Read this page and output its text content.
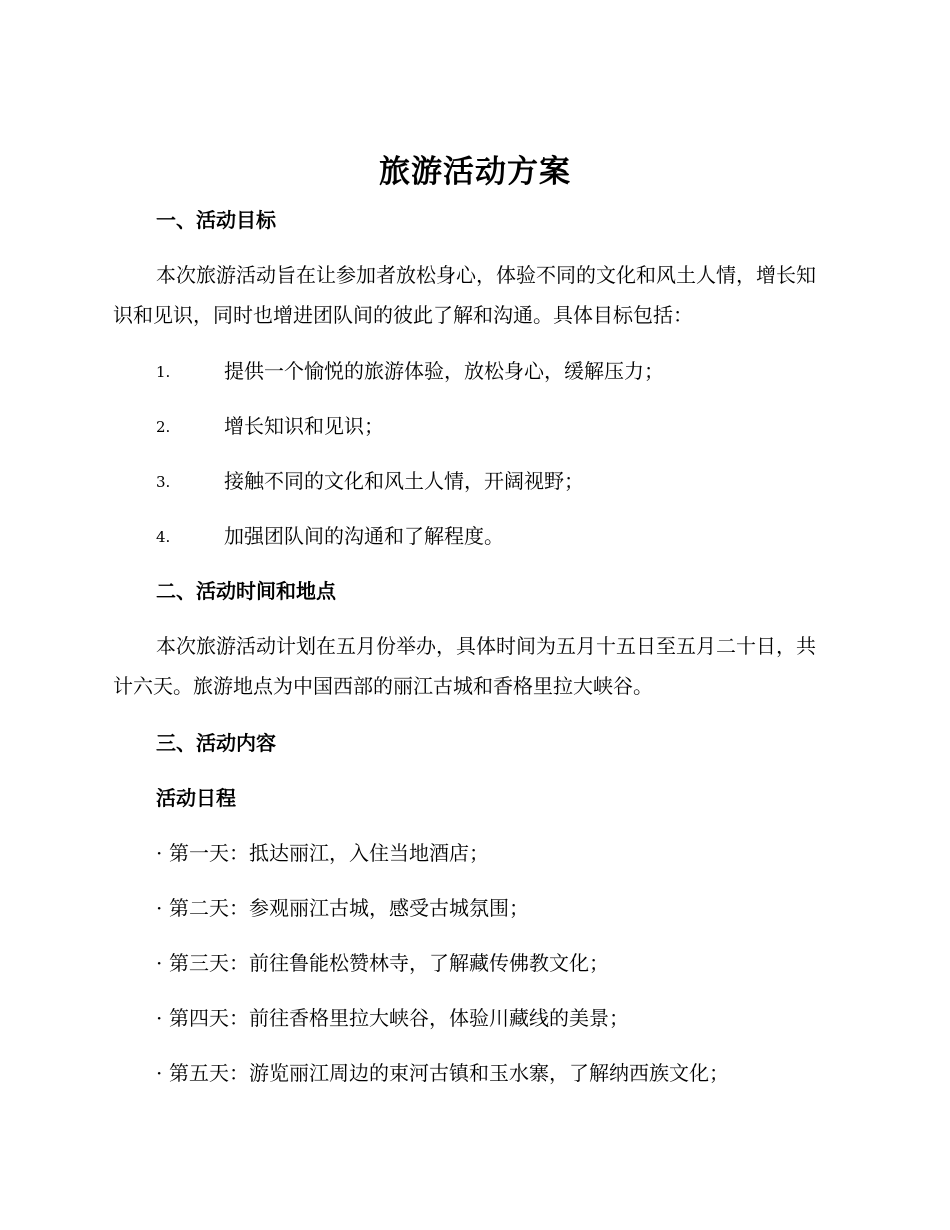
旅游活动方案
一、活动目标

本次旅游活动旨在让参加者放松身心，体验不同的文化和风土人情，增长知识和见识，同时也增进团队间的彼此了解和沟通。具体目标包括：

1.	提供一个愉悦的旅游体验，放松身心，缓解压力；
2.	增长知识和见识；
3.	接触不同的文化和风土人情，开阔视野；
4.	加强团队间的沟通和了解程度。
二、活动时间和地点

本次旅游活动计划在五月份举办，具体时间为五月十五日至五月二十日，共计六天。旅游地点为中国西部的丽江古城和香格里拉大峡谷。

三、活动内容
活动日程
· 第一天：抵达丽江，入住当地酒店；
· 第二天：参观丽江古城，感受古城氛围；
· 第三天：前往鲁能松赞林寺，了解藏传佛教文化；
· 第四天：前往香格里拉大峡谷，体验川藏线的美景；
· 第五天：游览丽江周边的束河古镇和玉水寨，了解纳西族文化；
